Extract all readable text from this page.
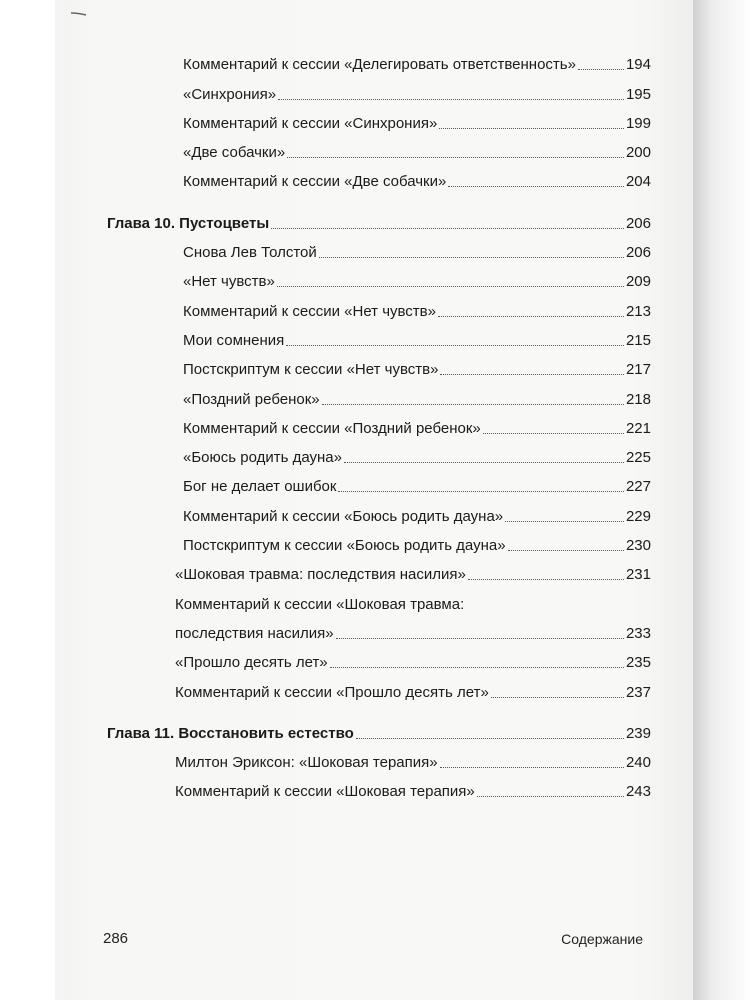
Комментарий к сессии «Делегировать ответственность»	194
«Синхрония»	195
Комментарий к сессии «Синхрония»	199
«Две собачки»	200
Комментарий к сессии «Две собачки»	204
Глава 10. Пустоцветы	206
Снова Лев Толстой	206
«Нет чувств»	209
Комментарий к сессии «Нет чувств»	213
Мои сомнения	215
Постскриптум к сессии «Нет чувств»	217
«Поздний ребенок»	218
Комментарий к сессии «Поздний ребенок»	221
«Боюсь родить дауна»	225
Бог не делает ошибок	227
Комментарий к сессии «Боюсь родить дауна»	229
Постскриптум к сессии «Боюсь родить дауна»	230
«Шоковая травма: последствия насилия»	231
Комментарий к сессии «Шоковая травма:
последствия насилия»	233
«Прошло десять лет»	235
Комментарий к сессии «Прошло десять лет»	237
Глава 11. Восстановить естество	239
Милтон Эриксон: «Шоковая терапия»	240
Комментарий к сессии «Шоковая терапия»	243
286	Содержание
